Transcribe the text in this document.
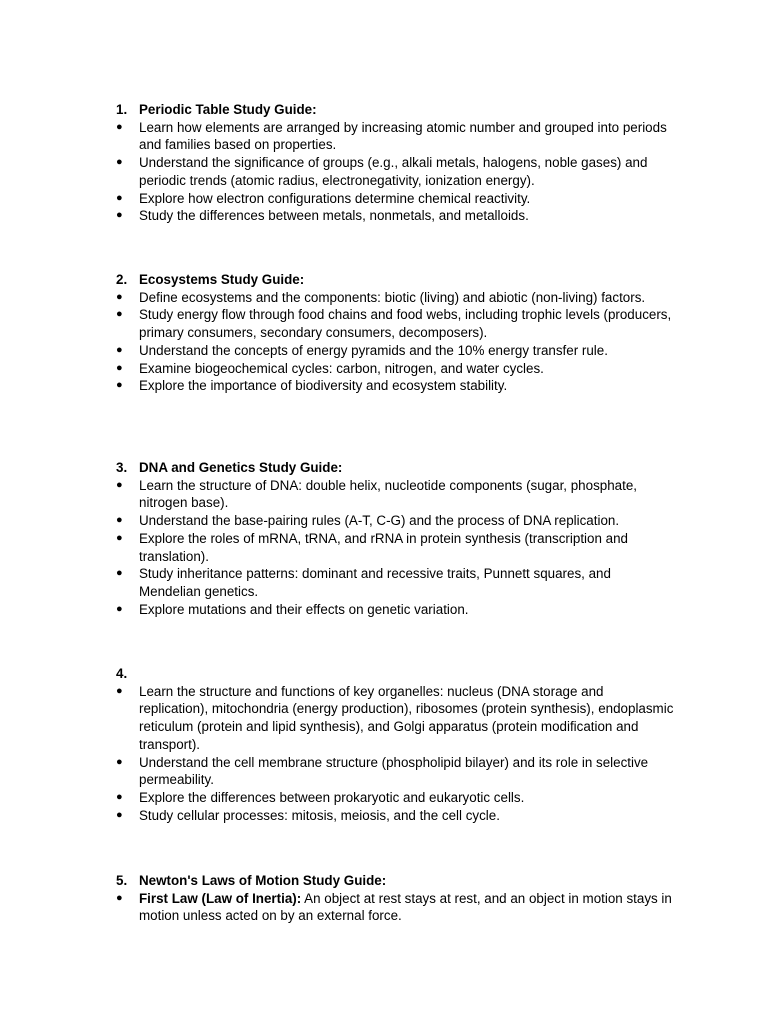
1. Periodic Table Study Guide:
●	Learn how elements are arranged by increasing atomic number and grouped into periods and families based on properties.
●	Understand the significance of groups (e.g., alkali metals, halogens, noble gases) and periodic trends (atomic radius, electronegativity, ionization energy).
●	Explore how electron configurations determine chemical reactivity.
●	Study the differences between metals, nonmetals, and metalloids.
2. Ecosystems Study Guide:
●	Define ecosystems and the components: biotic (living) and abiotic (non-living) factors.
●	Study energy flow through food chains and food webs, including trophic levels (producers, primary consumers, secondary consumers, decomposers).
●	Understand the concepts of energy pyramids and the 10% energy transfer rule.
●	Examine biogeochemical cycles: carbon, nitrogen, and water cycles.
●	Explore the importance of biodiversity and ecosystem stability.
3. DNA and Genetics Study Guide:
●	Learn the structure of DNA: double helix, nucleotide components (sugar, phosphate, nitrogen base).
●	Understand the base-pairing rules (A-T, C-G) and the process of DNA replication.
●	Explore the roles of mRNA, tRNA, and rRNA in protein synthesis (transcription and translation).
●	Study inheritance patterns: dominant and recessive traits, Punnett squares, and Mendelian genetics.
●	Explore mutations and their effects on genetic variation.
4.

●	Learn the structure and functions of key organelles: nucleus (DNA storage and replication), mitochondria (energy production), ribosomes (protein synthesis), endoplasmic reticulum (protein and lipid synthesis), and Golgi apparatus (protein modification and transport).
●	Understand the cell membrane structure (phospholipid bilayer) and its role in selective permeability.
●	Explore the differences between prokaryotic and eukaryotic cells.
●	Study cellular processes: mitosis, meiosis, and the cell cycle.
5. Newton's Laws of Motion Study Guide:
●	First Law (Law of Inertia): An object at rest stays at rest, and an object in motion stays in motion unless acted on by an external force.
